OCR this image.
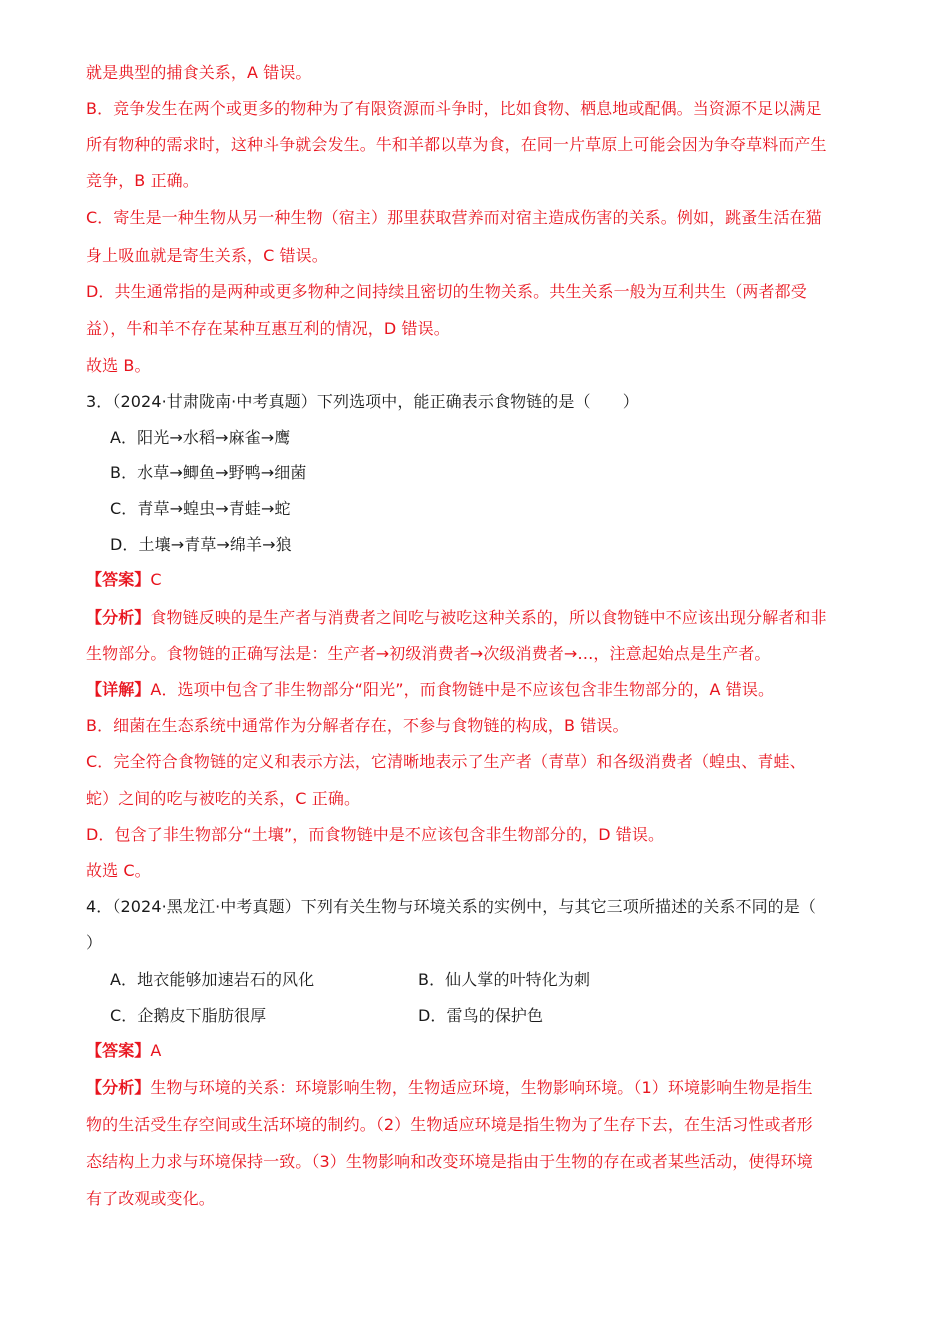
就是典型的捕食关系，A 错误。
B．竞争发生在两个或更多的物种为了有限资源而斗争时，比如食物、栖息地或配偶。当资源不足以满足
所有物种的需求时，这种斗争就会发生。牛和羊都以草为食，在同一片草原上可能会因为争夺草料而产生
竞争，B 正确。
C．寄生是一种生物从另一种生物（宿主）那里获取营养而对宿主造成伤害的关系。例如，跳蚤生活在猫
身上吸血就是寄生关系，C 错误。
D．共生通常指的是两种或更多物种之间持续且密切的生物关系。共生关系一般为互利共生（两者都受
益），牛和羊不存在某种互惠互利的情况，D 错误。
故选 B。
3．（2024·甘肃陇南·中考真题）下列选项中，能正确表示食物链的是（　　）
A．阳光→水稻→麻雀→鹰
B．水草→鲫鱼→野鸭→细菌
C．青草→蝗虫→青蛙→蛇
D．土壤→青草→绵羊→狼
【答案】C
【分析】食物链反映的是生产者与消费者之间吃与被吃这种关系的，所以食物链中不应该出现分解者和非
生物部分。食物链的正确写法是：生产者→初级消费者→次级消费者→…，注意起始点是生产者。
【详解】A．选项中包含了非生物部分“阳光”，而食物链中是不应该包含非生物部分的，A 错误。
B．细菌在生态系统中通常作为分解者存在，不参与食物链的构成，B 错误。
C．完全符合食物链的定义和表示方法，它清晰地表示了生产者（青草）和各级消费者（蝗虫、青蛙、
蛇）之间的吃与被吃的关系，C 正确。
D．包含了非生物部分“土壤”，而食物链中是不应该包含非生物部分的，D 错误。
故选 C。
4．（2024·黑龙江·中考真题）下列有关生物与环境关系的实例中，与其它三项所描述的关系不同的是（
）
A．地衣能够加速岩石的风化	B．仙人掌的叶特化为刺
C．企鹅皮下脂肪很厚	D．雷鸟的保护色
【答案】A
【分析】生物与环境的关系：环境影响生物，生物适应环境，生物影响环境。（1）环境影响生物是指生
物的生活受生存空间或生活环境的制约。（2）生物适应环境是指生物为了生存下去，在生活习性或者形
态结构上力求与环境保持一致。（3）生物影响和改变环境是指由于生物的存在或者某些活动，使得环境
有了改观或变化。
